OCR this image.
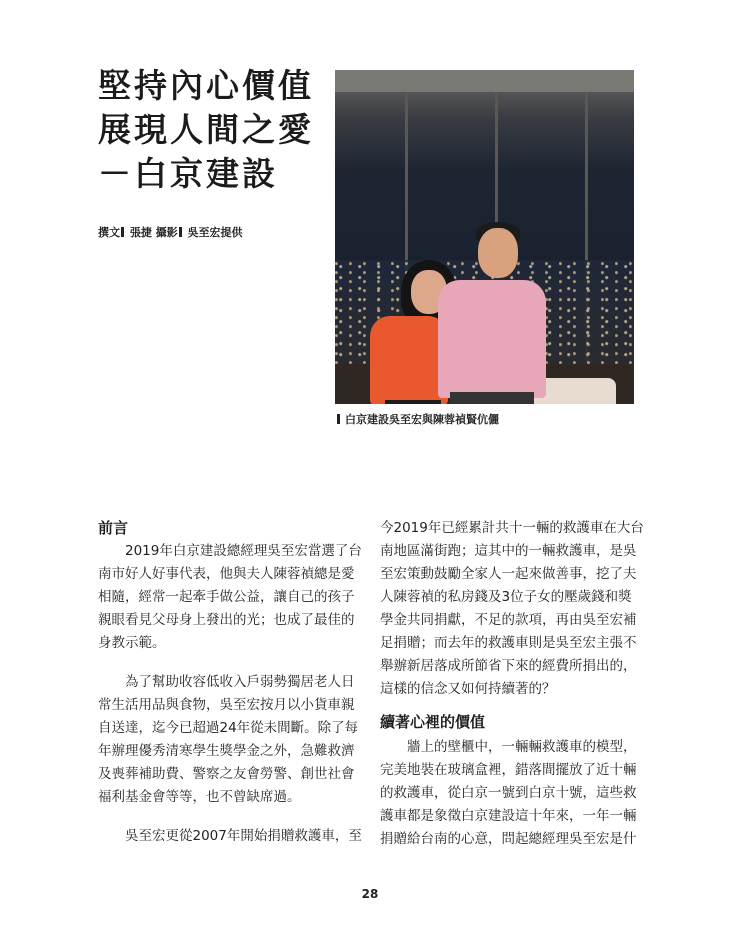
堅持內心價值
展現人間之愛
－白京建設
撰文 張捷 攝影 吳至宏提供
白京建設吳至宏與陳蓉禎賢伉儷
前言
　　2019年白京建設總經理吳至宏當選了台
南市好人好事代表，他與夫人陳蓉禎總是愛
相隨，經常一起牽手做公益，讓自己的孩子
親眼看見父母身上發出的光；也成了最佳的
身教示範。
　　為了幫助收容低收入戶弱勢獨居老人日
常生活用品與食物，吳至宏按月以小貨車親
自送達，迄今已超過24年從未間斷。除了每
年辦理優秀清寒學生獎學金之外，急難救濟
及喪葬補助費、警察之友會勞警、創世社會
福利基金會等等，也不曾缺席過。
　　吳至宏更從2007年開始捐贈救護車，至
今2019年已經累計共十一輛的救護車在大台
南地區滿街跑；這其中的一輛救護車，是吳
至宏策動鼓勵全家人一起來做善事，挖了夫
人陳蓉禎的私房錢及3位子女的壓歲錢和獎
學金共同捐獻，不足的款項，再由吳至宏補
足捐贈；而去年的救護車則是吳至宏主張不
舉辦新居落成所節省下來的經費所捐出的，
這樣的信念又如何持續著的？
續著心裡的價值
　　牆上的壁櫃中，一輛輛救護車的模型，
完美地裝在玻璃盒裡，錯落間擺放了近十輛
的救護車，從白京一號到白京十號，這些救
護車都是象徵白京建設這十年來，一年一輛
捐贈給台南的心意，問起總經理吳至宏是什
28
